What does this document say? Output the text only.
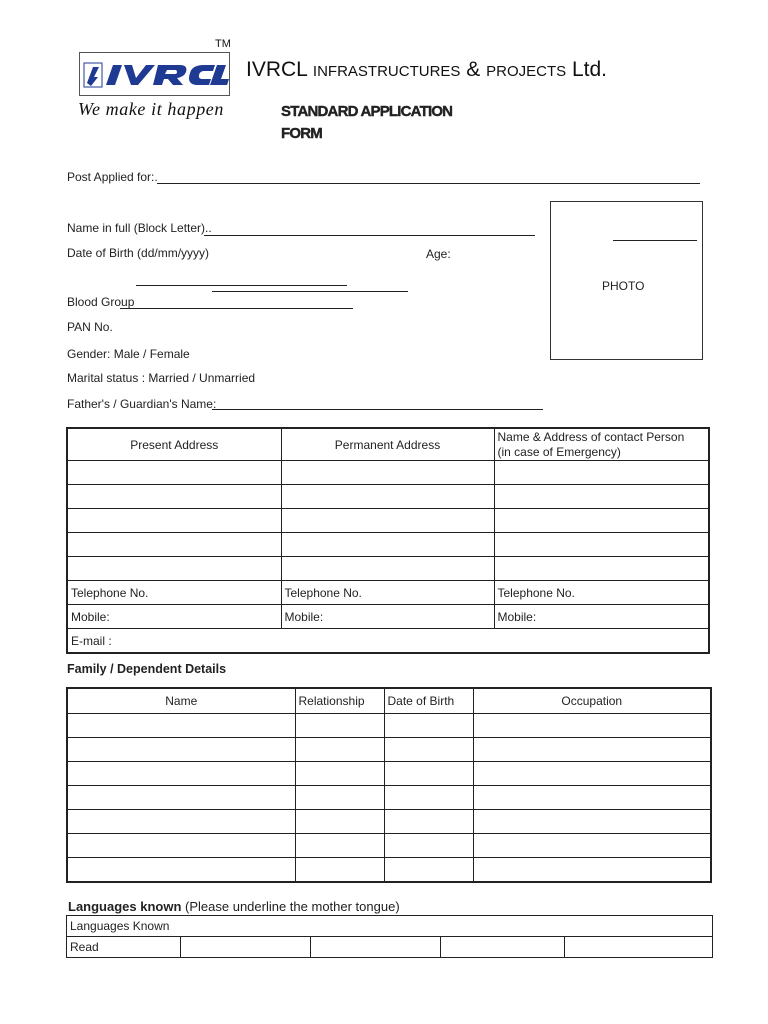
TM
We make it happen
IVRCL INFRASTRUCTURES & PROJECTS Ltd.
STANDARD APPLICATION
FORM
Post Applied for:.
Name in full (Block Letter)..
Date of Birth (dd/mm/yyyy)	Age:
Blood Group
PAN No.
Gender: Male / Female
Marital status : Married / Unmarried
Father's / Guardian's Name:
PHOTO
Present Address	Permanent Address	Name & Address of contact Person
(in case of Emergency)

Telephone No.	Telephone No.	Telephone No.
Mobile:	Mobile:	Mobile:
E-mail :		
Family / Dependent Details
Name	Relationship	Date of Birth	Occupation

Languages known (Please underline the mother tongue)
Languages Known
Read				
